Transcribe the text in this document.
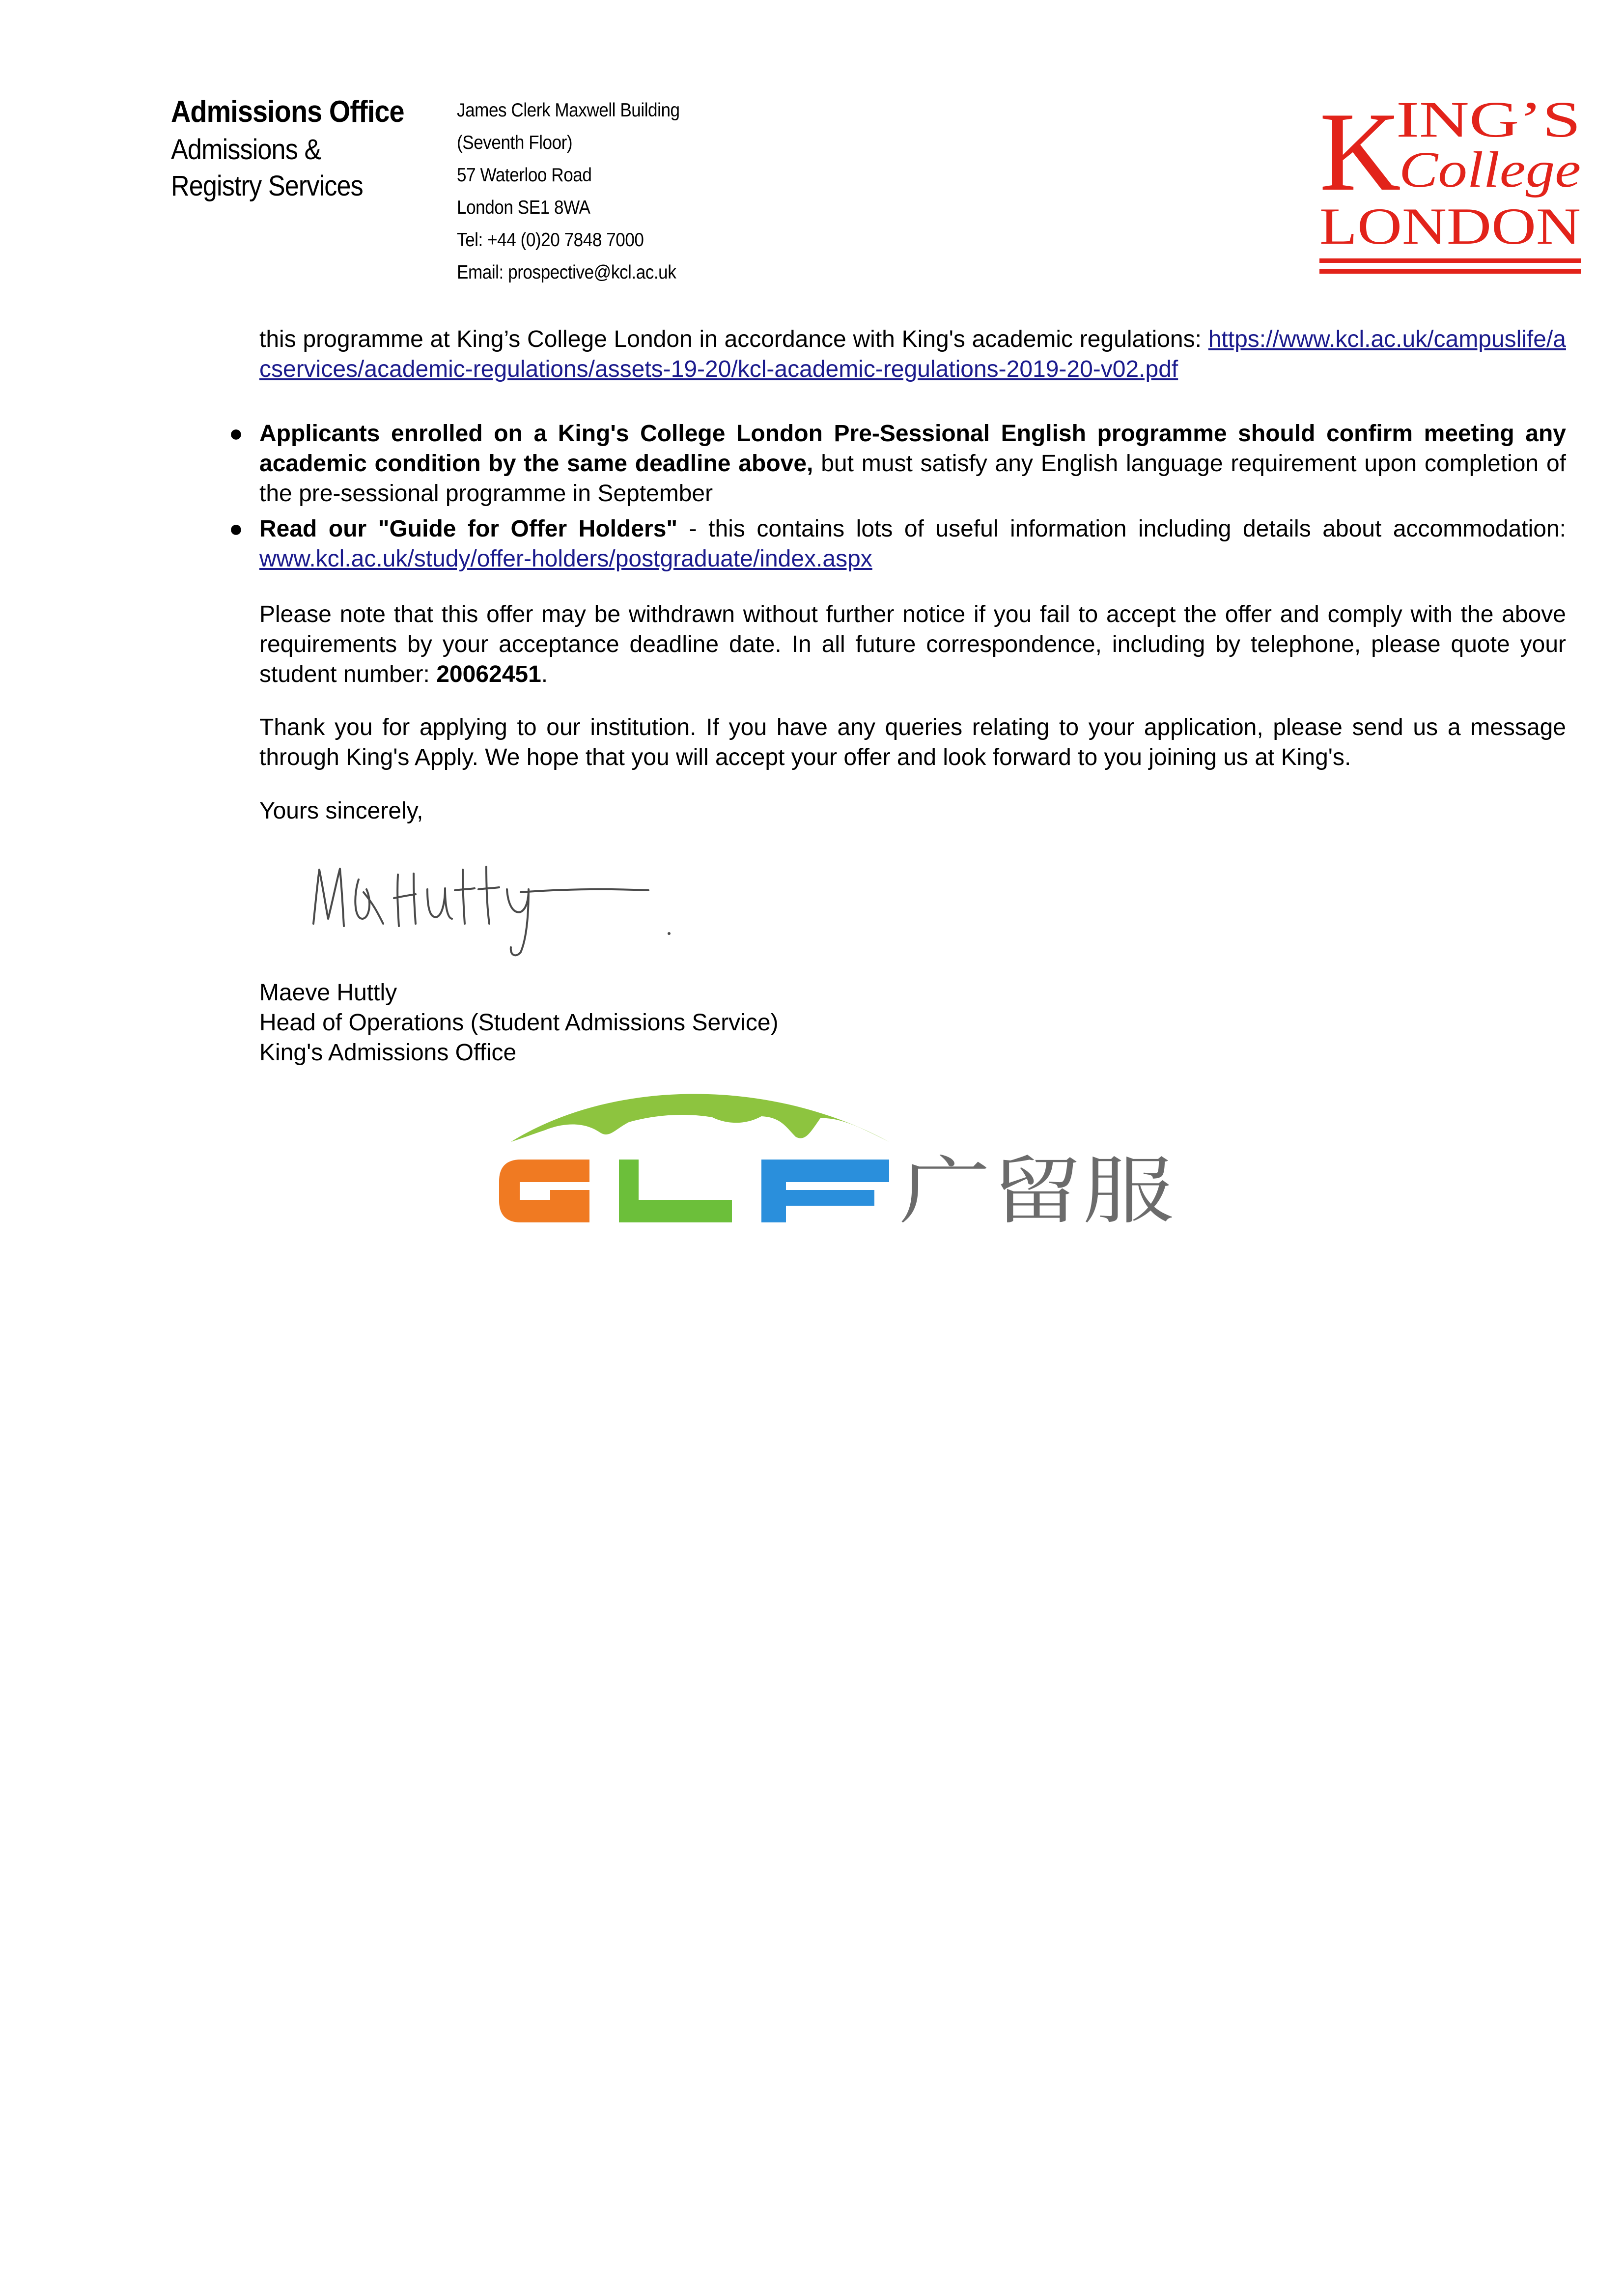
Admissions Office
Admissions &
Registry Services
James Clerk Maxwell Building
(Seventh Floor)
57 Waterloo Road
London SE1 8WA
Tel: +44 (0)20 7848 7000
Email: prospective@kcl.ac.uk
K
ING’S
College
LONDON
this programme at King’s College London in accordance with King's academic regulations: https://www.kcl.ac.uk/campuslife/acservices/academic-regulations/assets-19-20/kcl-academic-regulations-2019-20-v02.pdf
● Applicants enrolled on a King's College London Pre-Sessional English programme should confirm meeting any academic condition by the same deadline above, but must satisfy any English language requirement upon completion of the pre-sessional programme in September
● Read our "Guide for Offer Holders" - this contains lots of useful information including details about accommodation: www.kcl.ac.uk/study/offer-holders/postgraduate/index.aspx
Please note that this offer may be withdrawn without further notice if you fail to accept the offer and comply with the above requirements by your acceptance deadline date. In all future correspondence, including by telephone, please quote your student number: 20062451.
Thank you for applying to our institution. If you have any queries relating to your application, please send us a message through King's Apply. We hope that you will accept your offer and look forward to you joining us at King's.
Yours sincerely,
Maeve Huttly
Head of Operations (Student Admissions Service)
King's Admissions Office
广留服
